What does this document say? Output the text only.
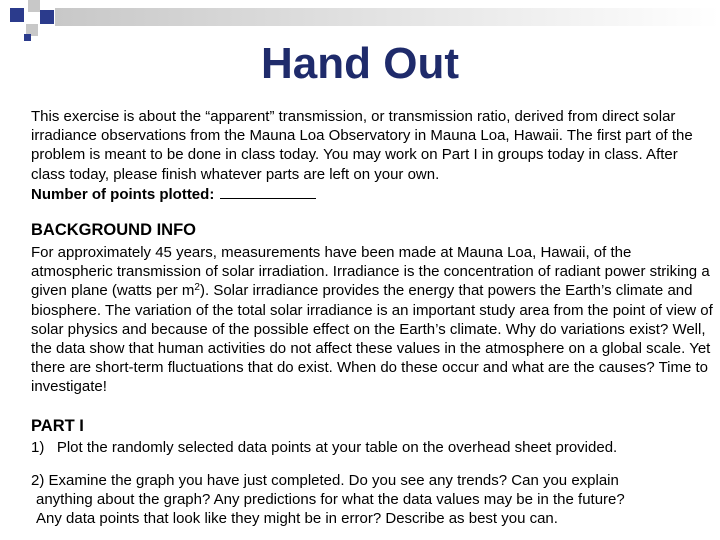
Hand Out
This exercise is about the “apparent” transmission, or transmission ratio, derived from direct solar irradiance observations from the Mauna Loa Observatory in Mauna Loa, Hawaii. The first part of the problem is meant to be done in class today. You may work on Part I in groups today in class. After class today, please finish whatever parts are left on your own.
Number of points plotted:
BACKGROUND INFO
For approximately 45 years, measurements have been made at Mauna Loa, Hawaii, of the atmospheric transmission of solar irradiation. Irradiance is the concentration of radiant power striking a given plane (watts per $m^2$). Solar irradiance provides the energy that powers the Earth’s climate and biosphere. The variation of the total solar irradiance is an important study area from the point of view of solar physics and because of the possible effect on the Earth’s climate. Why do variations exist? Well, the data show that human activities do not affect these values in the atmosphere on a global scale. Yet there are short-term fluctuations that do exist. When do these occur and what are the causes? Time to investigate!
PART I
1)   Plot the randomly selected data points at your table on the overhead sheet provided.
2) Examine the graph you have just completed. Do you see any trends? Can you explain
anything about the graph? Any predictions for what the data values may be in the future?
Any data points that look like they might be in error? Describe as best you can.
